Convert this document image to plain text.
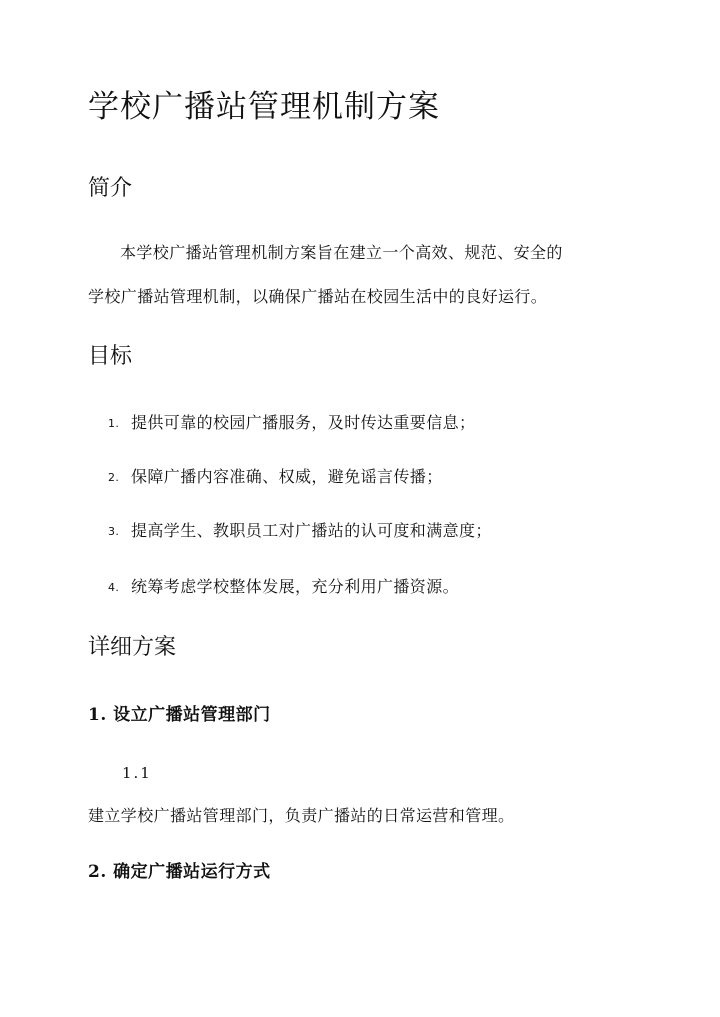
学校广播站管理机制方案
简介
本学校广播站管理机制方案旨在建立一个高效、规范、安全的
学校广播站管理机制，以确保广播站在校园生活中的良好运行。
目标
1. 提供可靠的校园广播服务，及时传达重要信息；
2. 保障广播内容准确、权威，避免谣言传播；
3. 提高学生、教职员工对广播站的认可度和满意度；
4. 统筹考虑学校整体发展，充分利用广播资源。
详细方案
1. 设立广播站管理部门
1.1
建立学校广播站管理部门，负责广播站的日常运营和管理。
2. 确定广播站运行方式
